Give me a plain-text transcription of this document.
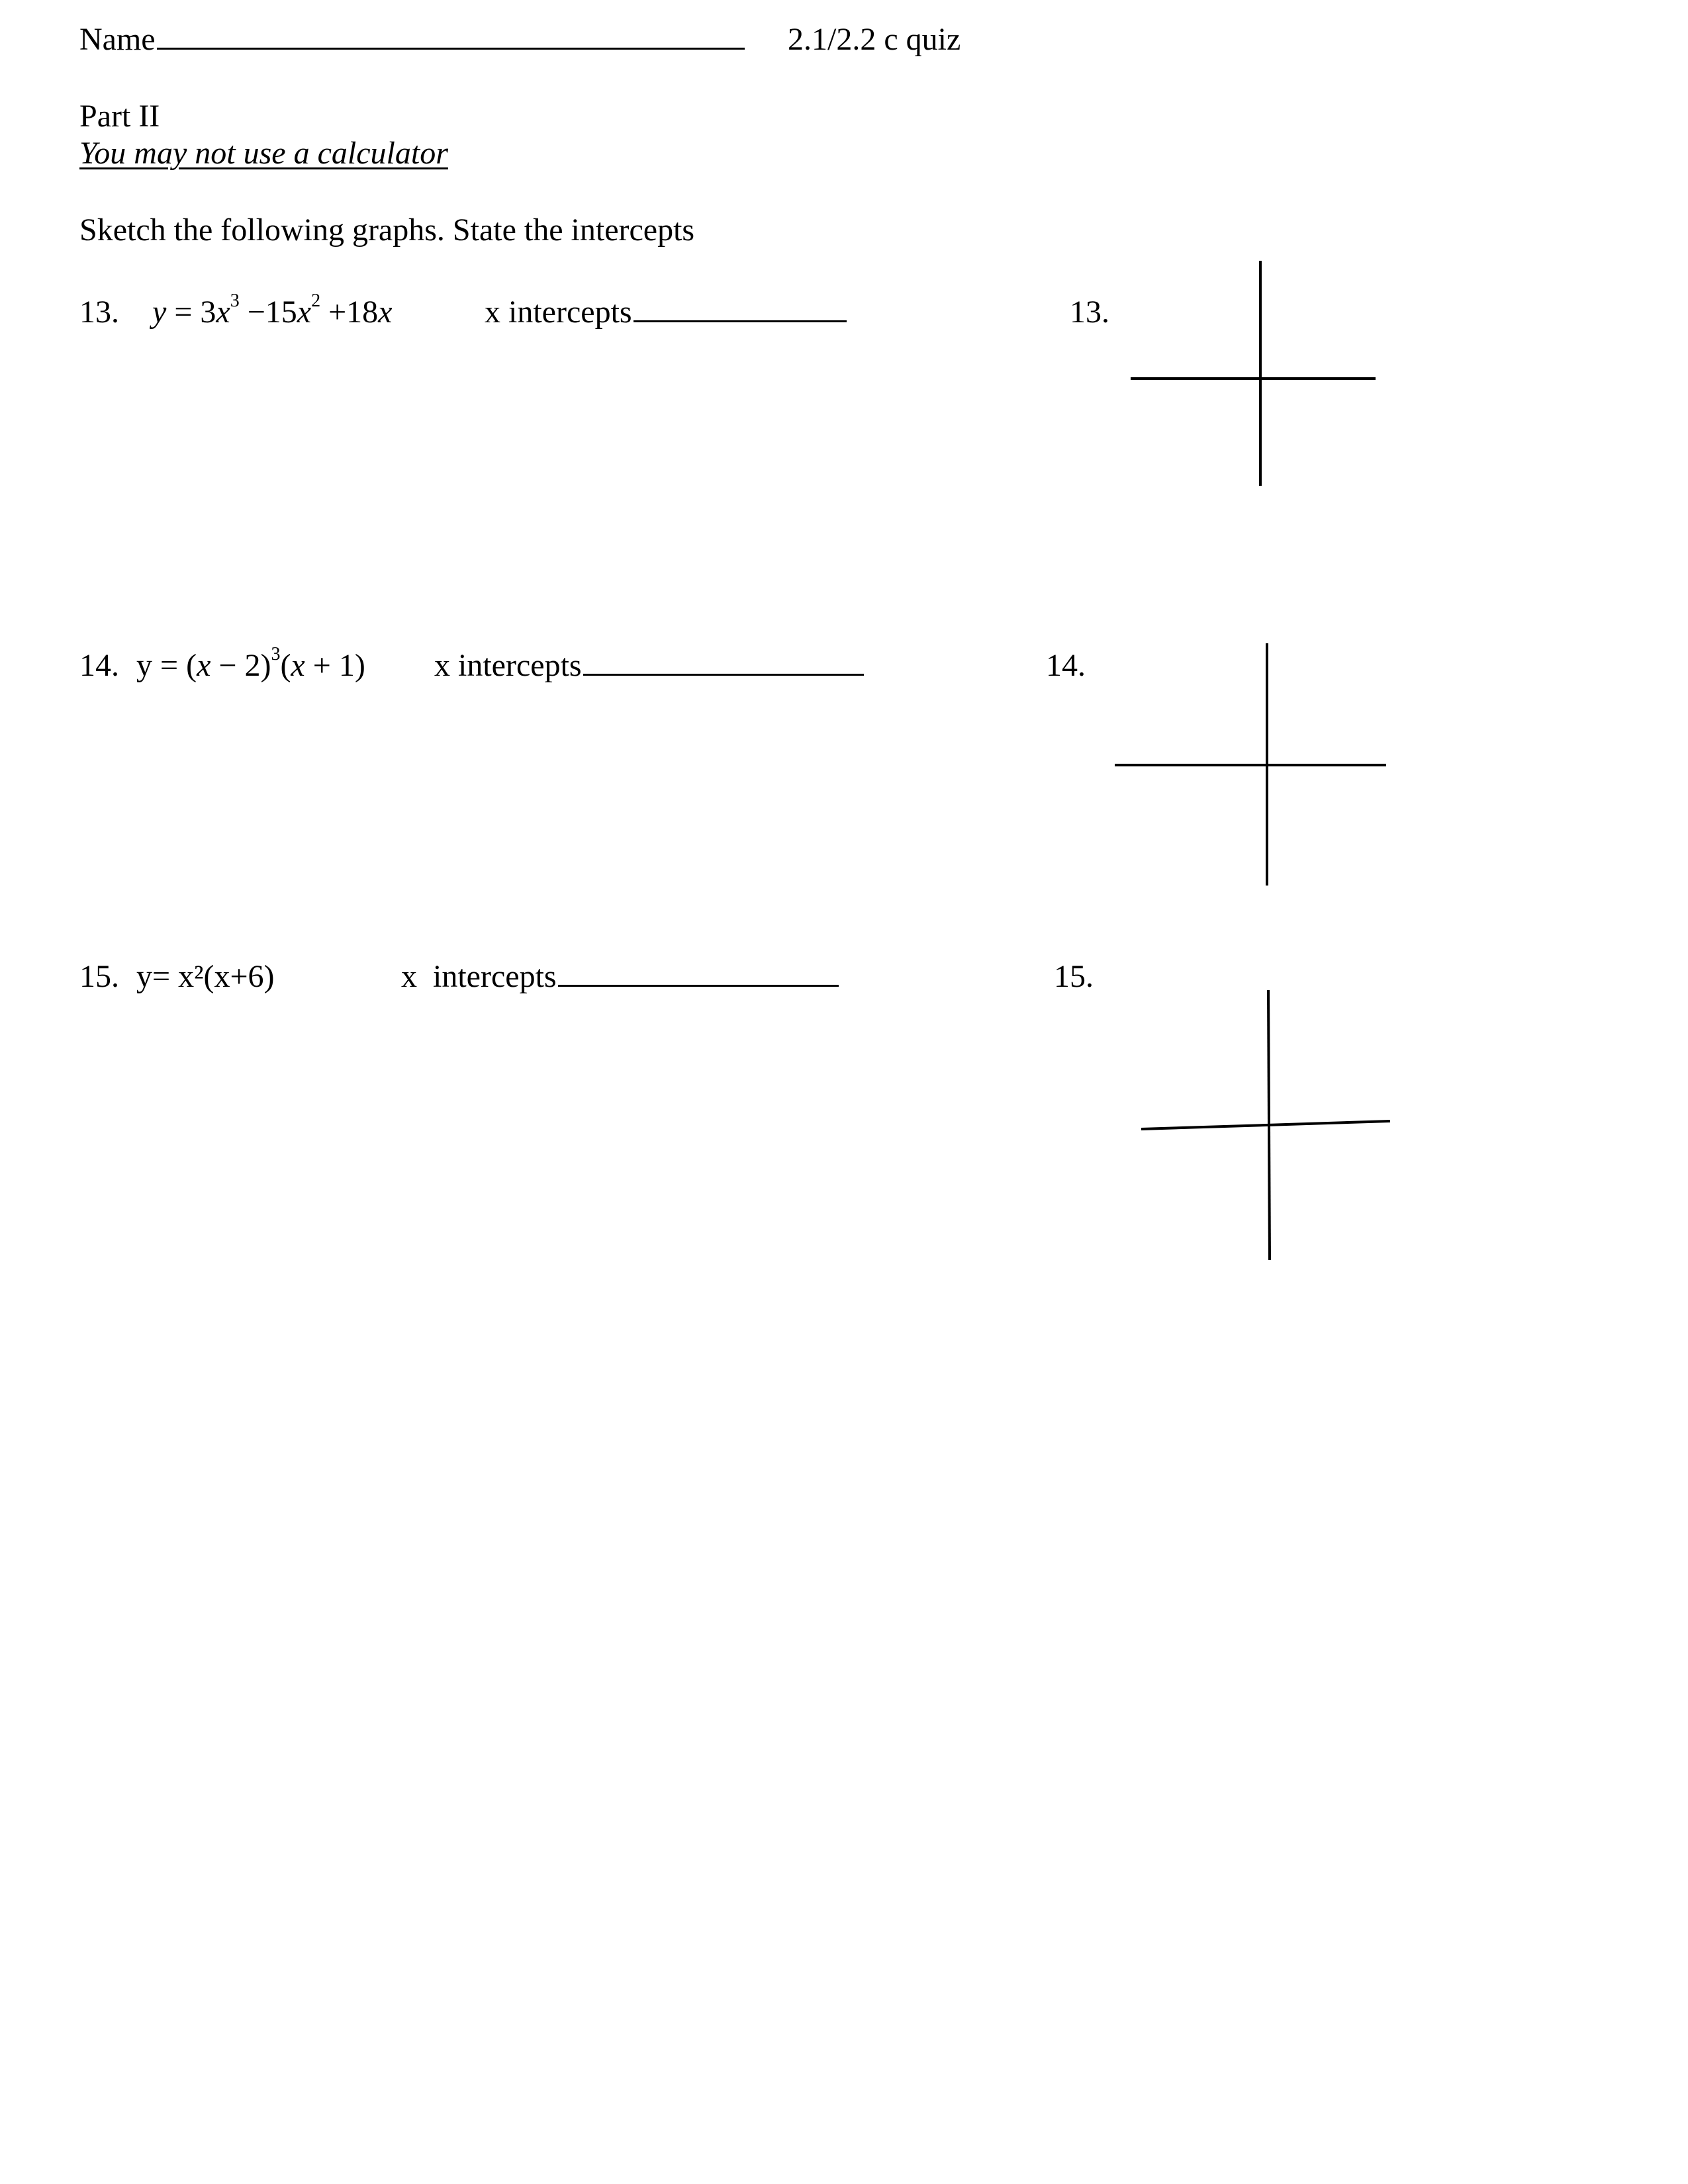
Name	2.1/2.2 c quiz
Part II
You may not use a calculator
Sketch the following graphs. State the intercepts
13. $y = 3x^3 -15x^2 +18x$	x intercepts	13.
14. $y = (x - 2)^3(x + 1)$ x intercepts	14.
15. y= x²(x+6)	x  intercepts	15.
